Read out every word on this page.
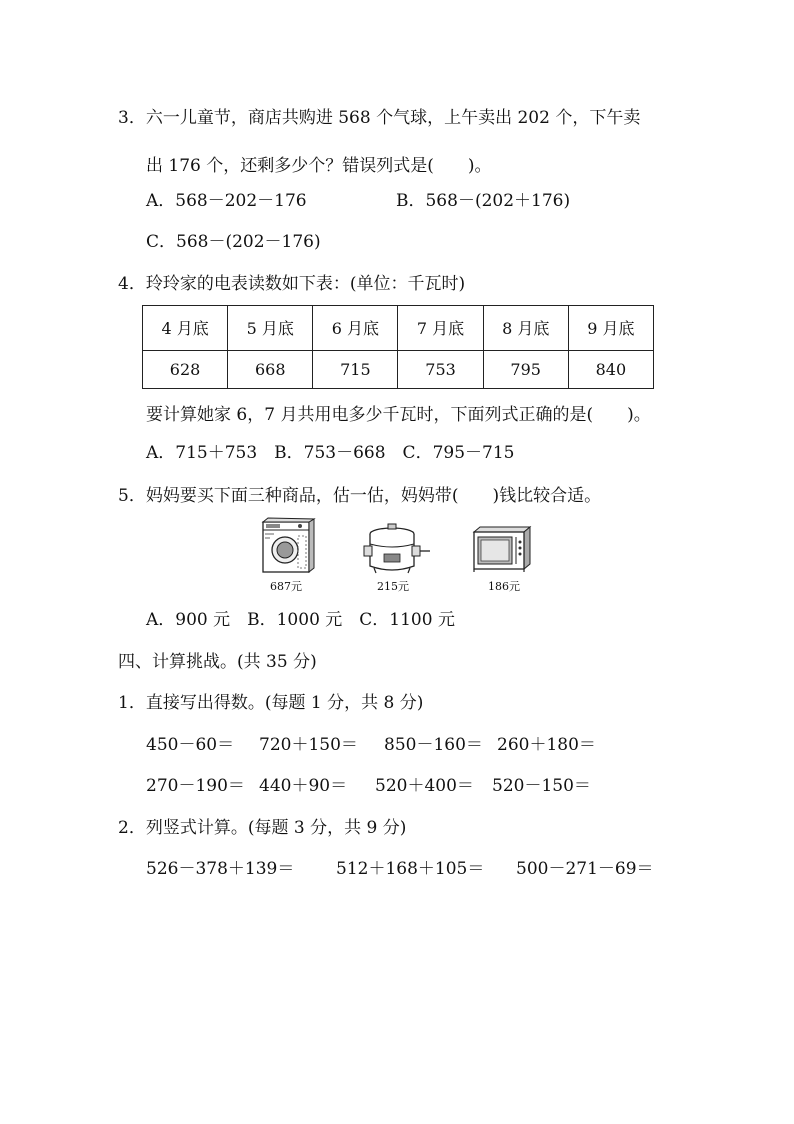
3．六一儿童节，商店共购进 568 个气球，上午卖出 202 个，下午卖
出 176 个，还剩多少个？错误列式是(　　)。
A．568－202－176	B．568－(202＋176)
C．568－(202－176)
4．玲玲家的电表读数如下表：(单位：千瓦时)
4 月底	5 月底	6 月底	7 月底	8 月底	9 月底
628	668	715	753	795	840
要计算她家 6，7 月共用电多少千瓦时，下面列式正确的是(　　)。
A．715＋753　B．753－668　C．795－715
5．妈妈要买下面三种商品，估一估，妈妈带(　　)钱比较合适。
687元	215元	186元
A．900 元　B．1000 元　C．1100 元
四、计算挑战。(共 35 分)
1．直接写出得数。(每题 1 分，共 8 分)
450－60＝ 720＋150＝ 850－160＝ 260＋180＝
270－190＝ 440＋90＝ 520＋400＝ 520－150＝
2．列竖式计算。(每题 3 分，共 9 分)
526－378＋139＝ 512＋168＋105＝ 500－271－69＝
